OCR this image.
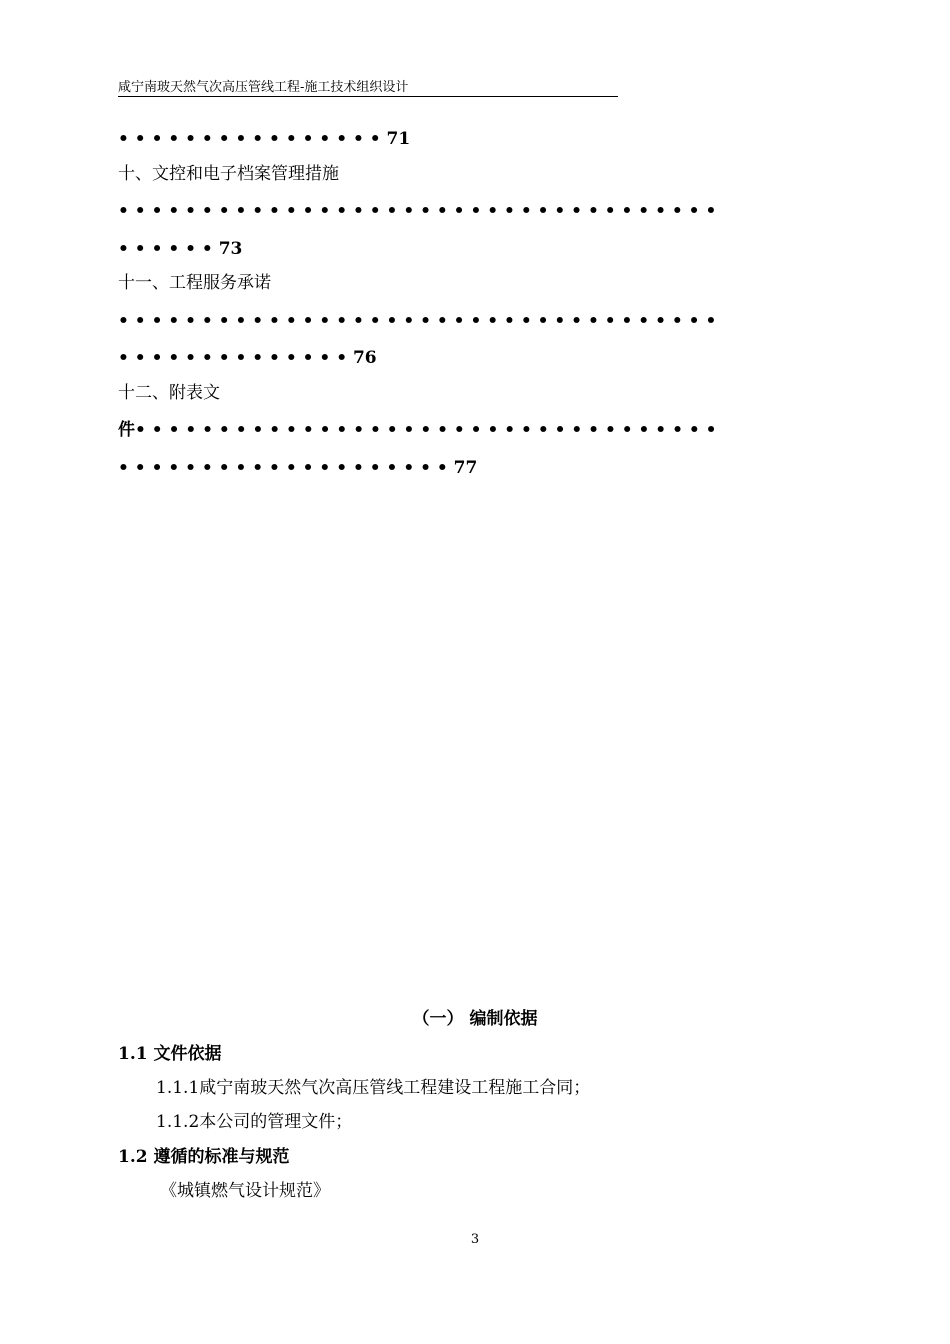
咸宁南玻天然气次高压管线工程-施工技术组织设计
• • • • • • • • • • • • • • • • 71
十、文控和电子档案管理措施
• • • • • • • • • • • • • • • • • • • • • • • • • • • • • • • • • • • •
• • • • • • 73
十一、工程服务承诺
• • • • • • • • • • • • • • • • • • • • • • • • • • • • • • • • • • • •
• • • • • • • • • • • • • • 76
十二、附表文
件• • • • • • • • • • • • • • • • • • • • • • • • • • • • • • • • • • •
• • • • • • • • • • • • • • • • • • • • 77
（一） 编制依据
1.1 文件依据
1.1.1咸宁南玻天然气次高压管线工程建设工程施工合同；
1.1.2本公司的管理文件；
1.2 遵循的标准与规范
《城镇燃气设计规范》
3
